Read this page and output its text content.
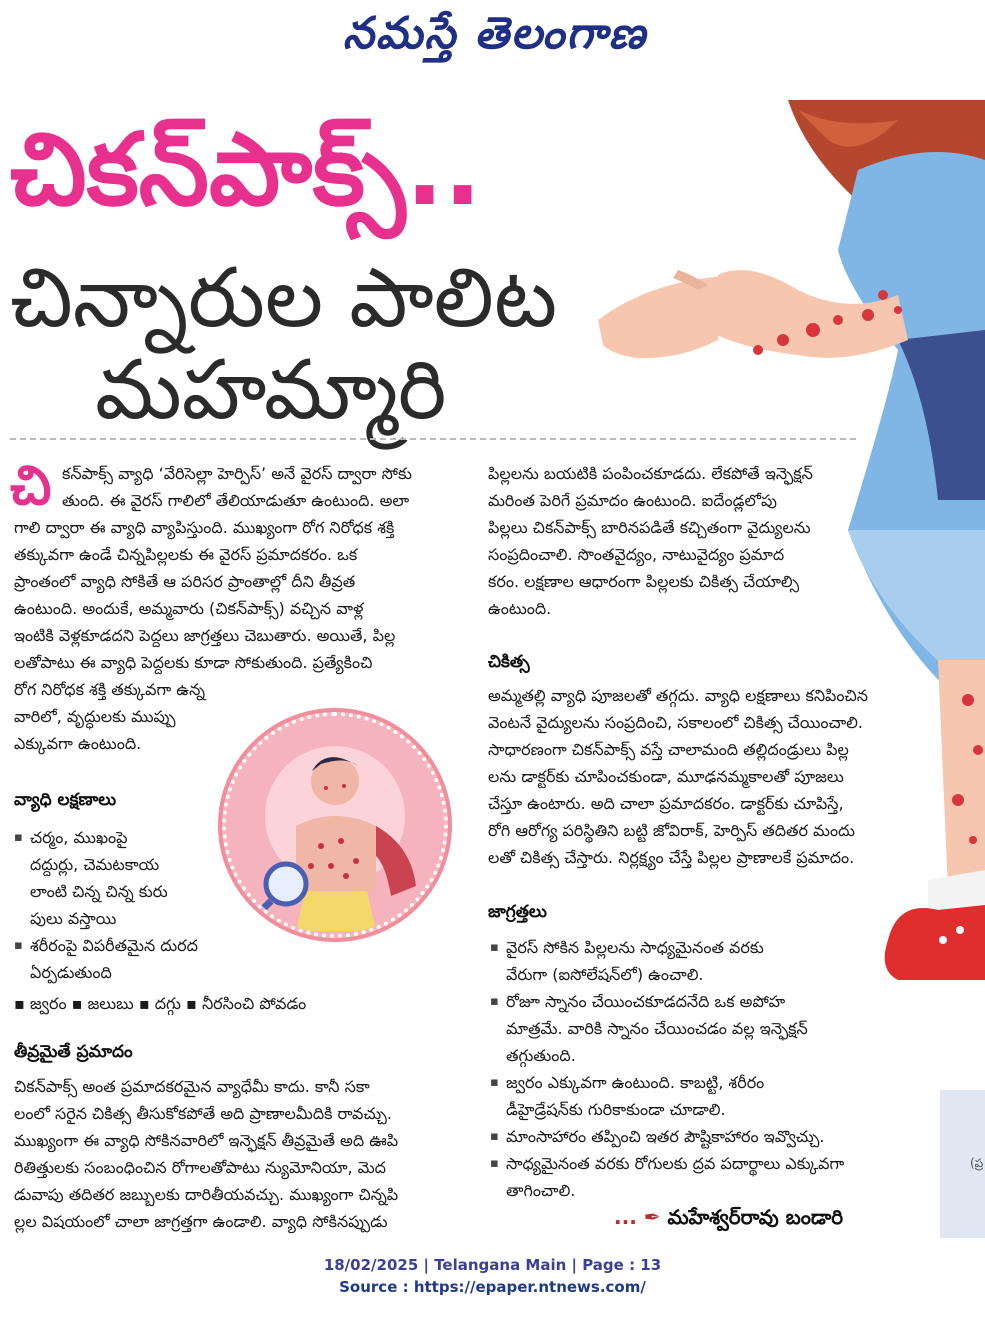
నమస్తే తెలంగాణ
చికన్‌పాక్స్‌..
చిన్నారుల పాలిట
మహమ్మారి
చి కన్‌పాక్స్‌ వ్యాధి ‘వేరిసెల్లా హెర్పిస్‌’ అనే వైరస్‌ ద్వారా సోకు

తుంది. ఈ వైరస్‌ గాలిలో తేలియాడుతూ ఉంటుంది. అలా

గాలి ద్వారా ఈ వ్యాధి వ్యాపిస్తుంది. ముఖ్యంగా రోగ నిరోధక శక్తి

తక్కువగా ఉండే చిన్నపిల్లలకు ఈ వైరస్‌ ప్రమాదకరం. ఒక

ప్రాంతంలో వ్యాధి సోకితే ఆ పరిసర ప్రాంతాల్లో దీని తీవ్రత

ఉంటుంది. అందుకే, అమ్మవారు (చికన్‌పాక్స్‌) వచ్చిన వాళ్ల

ఇంటికి వెళ్లకూడదని పెద్దలు జాగ్రత్తలు చెబుతారు. అయితే, పిల్ల

లతోపాటు ఈ వ్యాధి పెద్దలకు కూడా సోకుతుంది. ప్రత్యేకించి

రోగ నిరోధక శక్తి తక్కువగా ఉన్న

వారిలో, వృద్ధులకు ముప్పు

ఎక్కువగా ఉంటుంది.

వ్యాధి లక్షణాలు
▪ చర్మం, ముఖంపై
దద్దుర్లు, చెమటకాయ
లాంటి చిన్న చిన్న కురు
పులు వస్తాయి
▪ శరీరంపై విపరీతమైన దురద
ఏర్పడుతుంది
▪ జ్వరం ▪ జలుబు ▪ దగ్గు ▪ నీరసించి పోవడం
తీవ్రమైతే ప్రమాదం

చికన్‌పాక్స్‌ అంత ప్రమాదకరమైన వ్యాధేమీ కాదు. కానీ సకా

లంలో సరైన చికిత్స తీసుకోకపోతే అది ప్రాణాలమీదికి రావచ్చు.

ముఖ్యంగా ఈ వ్యాధి సోకినవారిలో ఇన్ఫెక్షన్‌ తీవ్రమైతే అది ఊపి

రితిత్తులకు సంబంధించిన రోగాలతోపాటు న్యుమోనియా, మెద

డువాపు తదితర జబ్బులకు దారితీయవచ్చు. ముఖ్యంగా చిన్నపి

ల్లల విషయంలో చాలా జాగ్రత్తగా ఉండాలి. వ్యాధి సోకినప్పుడు

పిల్లలను బయటికి పంపించకూడదు. లేకపోతే ఇన్ఫెక్షన్‌

మరింత పెరిగే ప్రమాదం ఉంటుంది. ఐదేండ్లలోపు

పిల్లలు చికన్‌పాక్స్‌ బారినపడితే కచ్చితంగా వైద్యులను

సంప్రదించాలి. సొంతవైద్యం, నాటువైద్యం ప్రమాద

కరం. లక్షణాల ఆధారంగా పిల్లలకు చికిత్స చేయాల్సి

ఉంటుంది.

చికిత్స

అమ్మతల్లి వ్యాధి పూజలతో తగ్గదు. వ్యాధి లక్షణాలు కనిపించిన

వెంటనే వైద్యులను సంప్రదించి, సకాలంలో చికిత్స చేయించాలి.

సాధారణంగా చికన్‌పాక్స్‌ వస్తే చాలామంది తల్లిదండ్రులు పిల్ల

లను డాక్టర్‌కు చూపించకుండా, మూఢనమ్మకాలతో పూజలు

చేస్తూ ఉంటారు. అది చాలా ప్రమాదకరం. డాక్టర్‌కు చూపిస్తే,

రోగి ఆరోగ్య పరిస్థితిని బట్టి జోవిరాక్‌, హెర్పిస్‌ తదితర మందు

లతో చికిత్స చేస్తారు. నిర్లక్ష్యం చేస్తే పిల్లల ప్రాణాలకే ప్రమాదం.

జాగ్రత్తలు
▪ వైరస్‌ సోకిన పిల్లలను సాధ్యమైనంత వరకు
వేరుగా (ఐసోలేషన్‌లో) ఉంచాలి.
▪ రోజూ స్నానం చేయించకూడదనేది ఒక అపోహ
మాత్రమే. వారికి స్నానం చేయించడం వల్ల ఇన్ఫెక్షన్‌
తగ్గుతుంది.
▪ జ్వరం ఎక్కువగా ఉంటుంది. కాబట్టి, శరీరం
డీహైడ్రేషన్‌కు గురికాకుండా చూడాలి.
▪ మాంసాహారం తప్పించి ఇతర పౌష్టికాహారం ఇవ్వొచ్చు.
▪ సాధ్యమైనంత వరకు రోగులకు ద్రవ పదార్థాలు ఎక్కువగా
తాగించాలి.
... ✒ మహేశ్వర్‌రావు బండారి
(ప్ర
18/02/2025 | Telangana Main | Page : 13
Source : https://epaper.ntnews.com/
